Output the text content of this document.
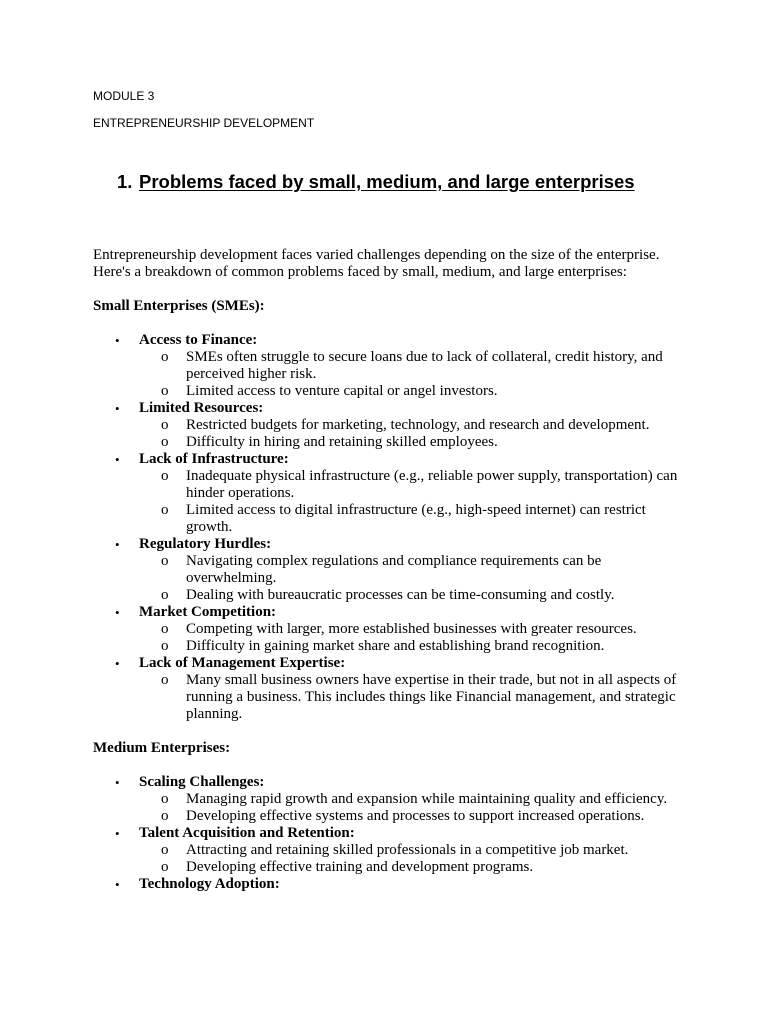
MODULE 3
ENTREPRENEURSHIP DEVELOPMENT
1. Problems faced by small, medium, and large enterprises

Entrepreneurship development faces varied challenges depending on the size of the enterprise. Here's a breakdown of common problems faced by small, medium, and large enterprises:

Small Enterprises (SMEs):

• Access to Finance:
o SMEs often struggle to secure loans due to lack of collateral, credit history, and perceived higher risk.
o Limited access to venture capital or angel investors.
• Limited Resources:
o Restricted budgets for marketing, technology, and research and development.
o Difficulty in hiring and retaining skilled employees.
• Lack of Infrastructure:
o Inadequate physical infrastructure (e.g., reliable power supply, transportation) can hinder operations.
o Limited access to digital infrastructure (e.g., high-speed internet) can restrict growth.
• Regulatory Hurdles:
o Navigating complex regulations and compliance requirements can be overwhelming.
o Dealing with bureaucratic processes can be time-consuming and costly.
• Market Competition:
o Competing with larger, more established businesses with greater resources.
o Difficulty in gaining market share and establishing brand recognition.
• Lack of Management Expertise:
o Many small business owners have expertise in their trade, but not in all aspects of running a business. This includes things like Financial management, and strategic planning.

Medium Enterprises:

• Scaling Challenges:
o Managing rapid growth and expansion while maintaining quality and efficiency.
o Developing effective systems and processes to support increased operations.
• Talent Acquisition and Retention:
o Attracting and retaining skilled professionals in a competitive job market.
o Developing effective training and development programs.
• Technology Adoption:
